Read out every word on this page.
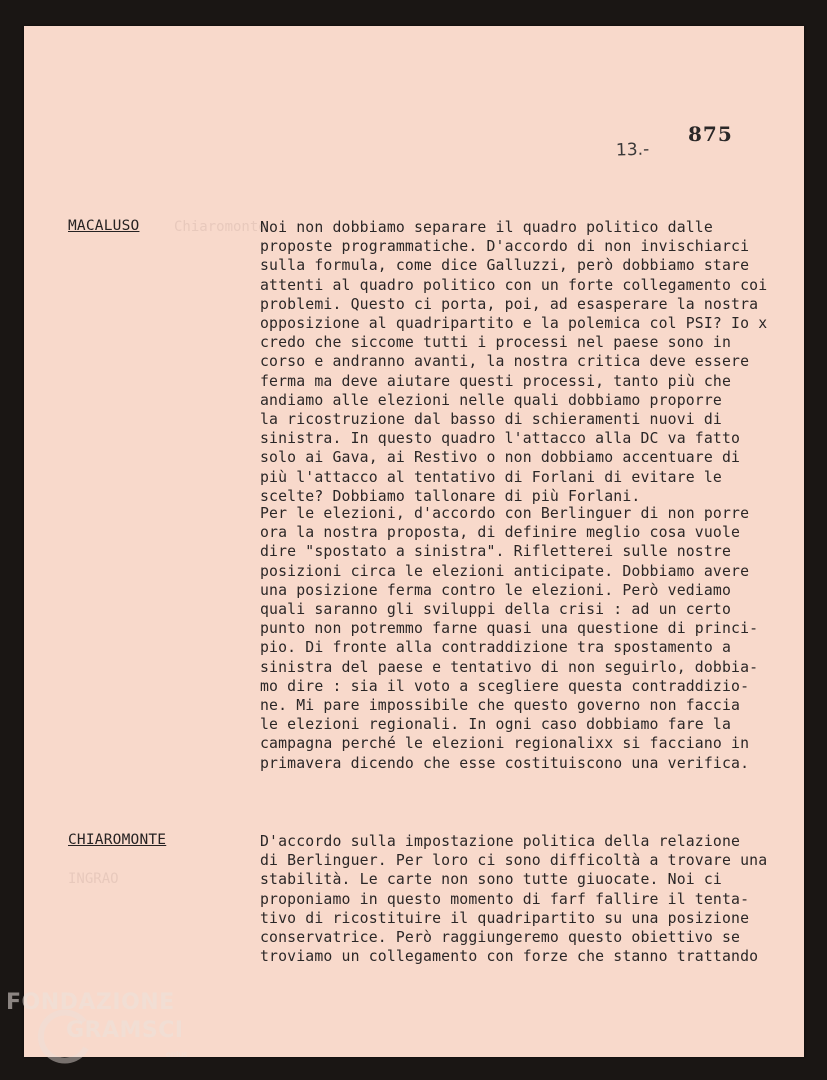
Chiaromonte
INGRAO
13.-
875
MACALUSO	Noi non dobbiamo separare il quadro politico dalle
proposte programmatiche. D'accordo di non invischiarci
sulla formula, come dice Galluzzi, però dobbiamo stare
attenti al quadro politico con un forte collegamento coi
problemi. Questo ci porta, poi, ad esasperare la nostra
opposizione al quadripartito e la polemica col PSI? Io x
credo che siccome tutti i processi nel paese sono in
corso e andranno avanti, la nostra critica deve essere
ferma ma deve aiutare questi processi, tanto più che
andiamo alle elezioni nelle quali dobbiamo proporre
la ricostruzione dal basso di schieramenti nuovi di
sinistra. In questo quadro l'attacco alla DC va fatto
solo ai Gava, ai Restivo o non dobbiamo accentuare di
più l'attacco al tentativo di Forlani di evitare le
scelte? Dobbiamo tallonare di più Forlani.
Per le elezioni, d'accordo con Berlinguer di non porre
ora la nostra proposta, di definire meglio cosa vuole
dire "spostato a sinistra". Rifletterei sulle nostre
posizioni circa le elezioni anticipate. Dobbiamo avere
una posizione ferma contro le elezioni. Però vediamo
quali saranno gli sviluppi della crisi : ad un certo
punto non potremmo farne quasi una questione di princi-
pio. Di fronte alla contraddizione tra spostamento a
sinistra del paese e tentativo di non seguirlo, dobbia-
mo dire : sia il voto a scegliere questa contraddizio-
ne. Mi pare impossibile che questo governo non faccia
le elezioni regionali. In ogni caso dobbiamo fare la
campagna perché le elezioni regionalixx si facciano in
primavera dicendo che esse costituiscono una verifica.
CHIAROMONTE	D'accordo sulla impostazione politica della relazione
di Berlinguer. Per loro ci sono difficoltà a trovare una
stabilità. Le carte non sono tutte giuocate. Noi ci
proponiamo in questo momento di farf fallire il tenta-
tivo di ricostituire il quadripartito su una posizione
conservatrice. Però raggiungeremo questo obiettivo se
troviamo un collegamento con forze che stanno trattando
FONDAZIONE
GRAMSCI
onlus
